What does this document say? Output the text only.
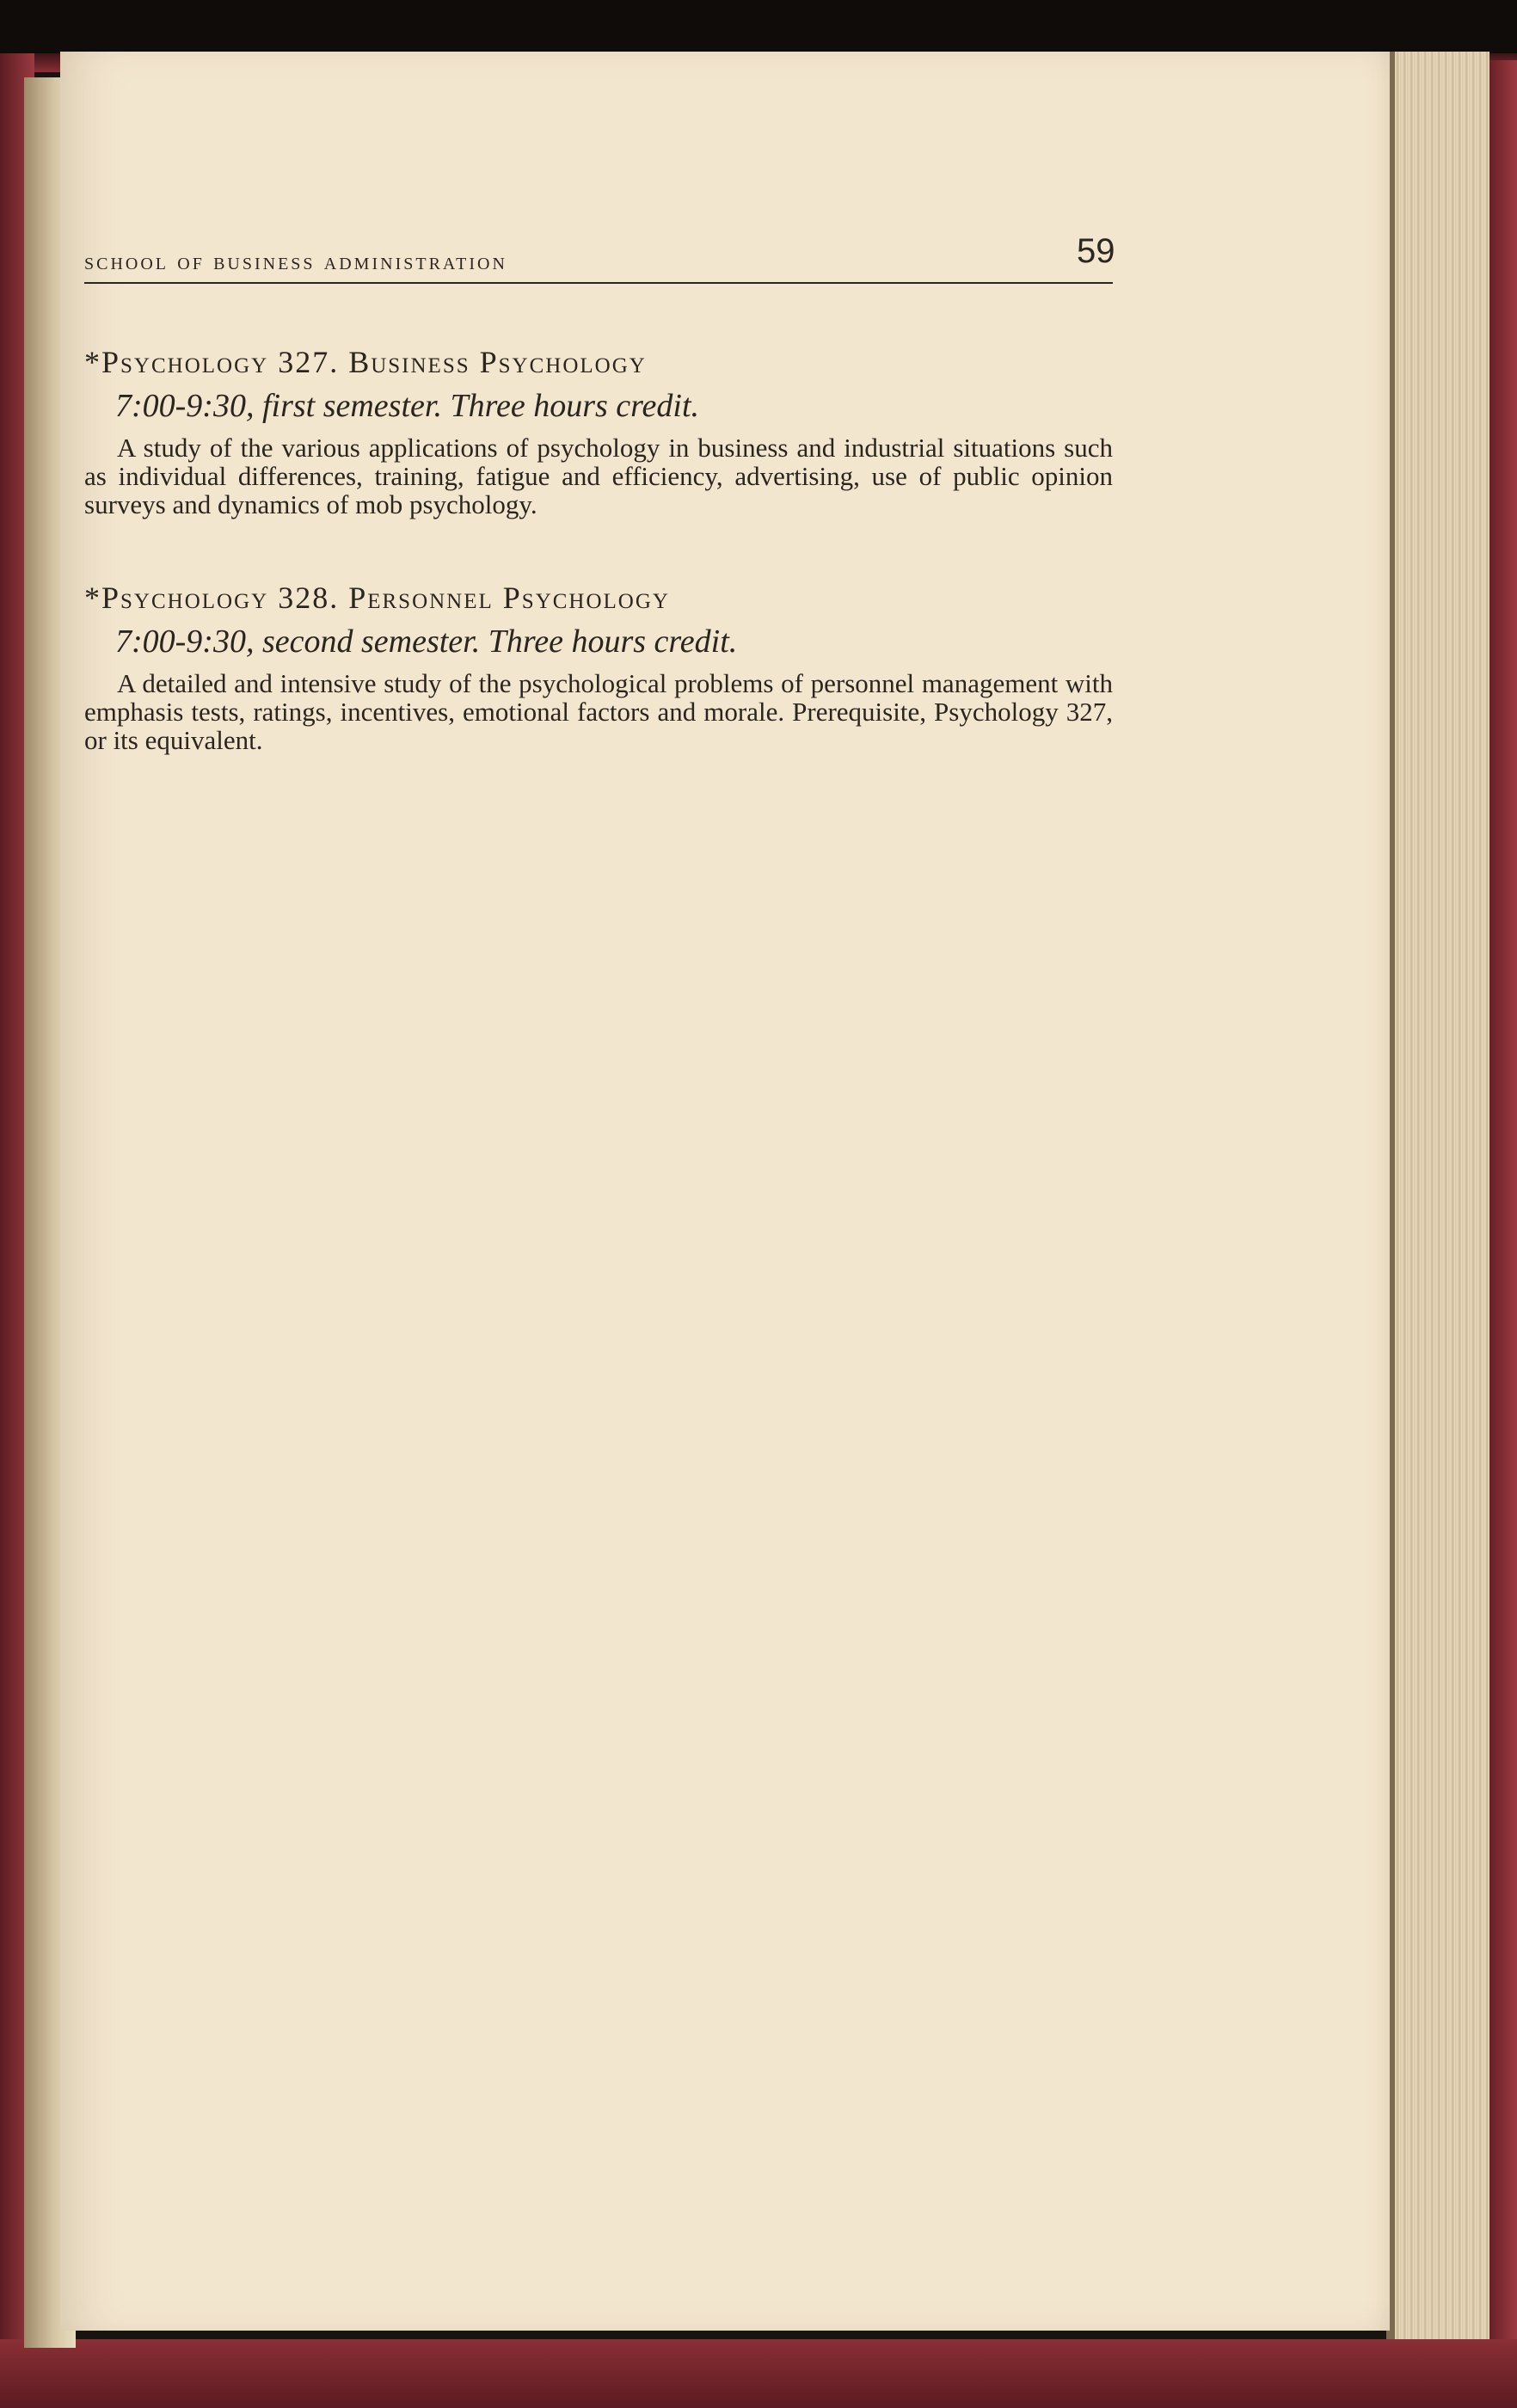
school of business administration	59
*Psychology 327. Business Psychology
7:00-9:30, first semester. Three hours credit.
A study of the various applications of psychology in business and industrial situations such as individual differences, training, fatigue and efficiency, advertising, use of public opinion surveys and dynamics of mob psychology.
*Psychology 328. Personnel Psychology
7:00-9:30, second semester. Three hours credit.
A detailed and intensive study of the psychological problems of personnel management with emphasis tests, ratings, incentives, emotional factors and morale. Prerequisite, Psychology 327, or its equivalent.
